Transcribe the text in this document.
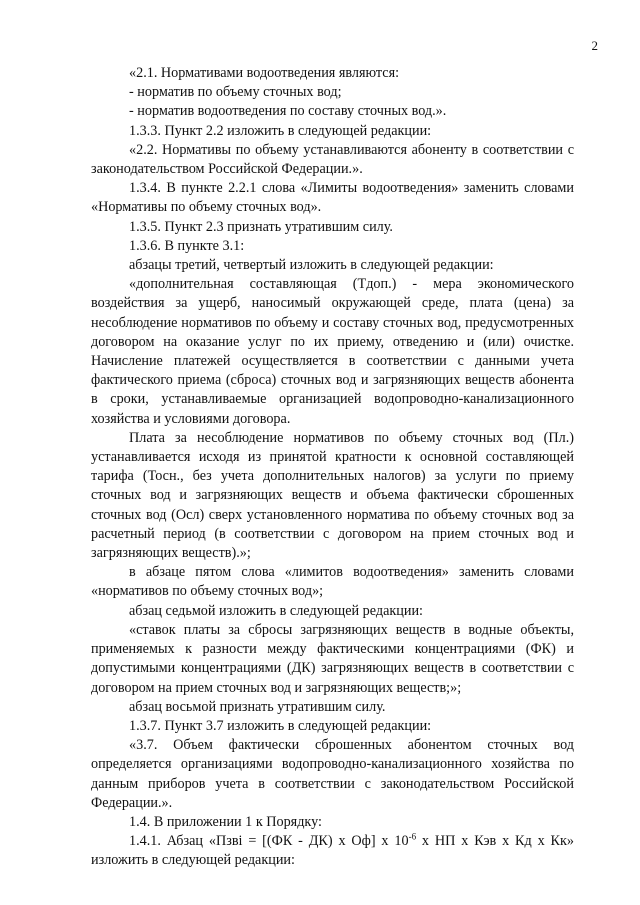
2

«2.1. Нормативами водоотведения являются:

- норматив по объему сточных вод;

- норматив водоотведения по составу сточных вод.».

1.3.3. Пункт 2.2 изложить в следующей редакции:

«2.2. Нормативы по объему устанавливаются абоненту в соответствии с законодательством Российской Федерации.».

1.3.4. В пункте 2.2.1 слова «Лимиты водоотведения» заменить словами «Нормативы по объему сточных вод».

1.3.5. Пункт 2.3 признать утратившим силу.

1.3.6. В пункте 3.1:

абзацы третий, четвертый изложить в следующей редакции:

«дополнительная составляющая (Тдоп.) - мера экономического воздействия за ущерб, наносимый окружающей среде, плата (цена) за несоблюдение нормативов по объему и составу сточных вод, предусмотренных договором на оказание услуг по их приему, отведению и (или) очистке. Начисление платежей осуществляется в соответствии с данными учета фактического приема (сброса) сточных вод и загрязняющих веществ абонента в сроки, устанавливаемые организацией водопроводно-канализационного хозяйства и условиями договора.

Плата за несоблюдение нормативов по объему сточных вод (Пл.) устанавливается исходя из принятой кратности к основной составляющей тарифа (Тосн., без учета дополнительных налогов) за услуги по приему сточных вод и загрязняющих веществ и объема фактически сброшенных сточных вод (Осл) сверх установленного норматива по объему сточных вод за расчетный период (в соответствии с договором на прием сточных вод и загрязняющих веществ).»;

в абзаце пятом слова «лимитов водоотведения» заменить словами «нормативов по объему сточных вод»;

абзац седьмой изложить в следующей редакции:

«ставок платы за сбросы загрязняющих веществ в водные объекты, применяемых к разности между фактическими концентрациями (ФК) и допустимыми концентрациями (ДК) загрязняющих веществ в соответствии с договором на прием сточных вод и загрязняющих веществ;»;

абзац восьмой признать утратившим силу.

1.3.7. Пункт 3.7 изложить в следующей редакции:

«3.7. Объем фактически сброшенных абонентом сточных вод определяется организациями водопроводно-канализационного хозяйства по данным приборов учета в соответствии с законодательством Российской Федерации.».

1.4. В приложении 1 к Порядку:

1.4.1. Абзац «Пзві = [(ФК - ДК) х Оф] х $10^{-6}$ х НП х Кэв х Кд х Кк» изложить в следующей редакции:
